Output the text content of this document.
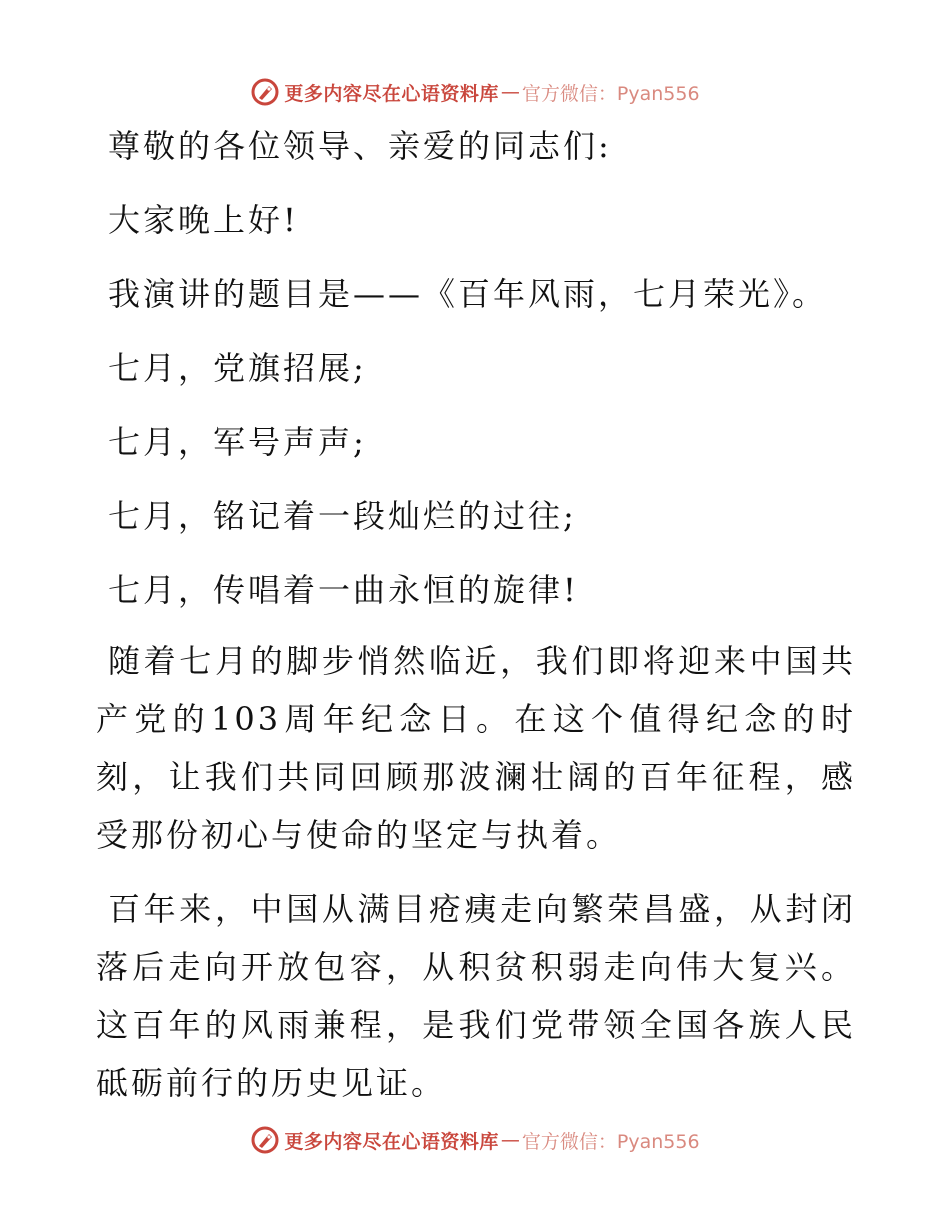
更多内容尽在心语资料库 — 官方微信：Pyan556

尊敬的各位领导、亲爱的同志们:

大家晚上好!

我演讲的题目是——《百年风雨，七月荣光》。

七月，党旗招展;

七月，军号声声;

七月，铭记着一段灿烂的过往;

七月，传唱着一曲永恒的旋律!

随着七月的脚步悄然临近，我们即将迎来中国共产党的103周年纪念日。在这个值得纪念的时刻，让我们共同回顾那波澜壮阔的百年征程，感受那份初心与使命的坚定与执着。

百年来，中国从满目疮痍走向繁荣昌盛，从封闭落后走向开放包容，从积贫积弱走向伟大复兴。这百年的风雨兼程，是我们党带领全国各族人民砥砺前行的历史见证。

更多内容尽在心语资料库 — 官方微信：Pyan556
